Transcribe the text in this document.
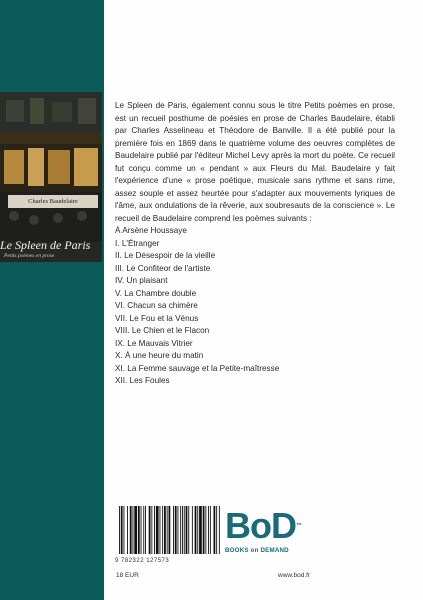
Charles Baudelaire
Le Spleen de Paris
Petits poèmes en prose

Le Spleen de Paris, également connu sous le titre Petits poèmes en prose, est un recueil posthume de poésies en prose de Charles Baudelaire, établi par Charles Asselineau et Théodore de Banville. Il a été publié pour la première fois en 1869 dans le quatrième volume des oeuvres complètes de Baudelaire publié par l'éditeur Michel Levy après la mort du poète. Ce recueil fut conçu comme un « pendant » aux Fleurs du Mal. Baudelaire y fait l'expérience d'une « prose poétique, musicale sans rythme et sans rime, assez souple et assez heurtée pour s'adapter aux mouvements lyriques de l'âme, aux ondulations de la rêverie, aux soubresauts de la conscience ». Le recueil de Baudelaire comprend les poèmes suivants :

À Arsène Houssaye
I. L'Étranger
II. Le Désespoir de la vieille
III. Le Confiteor de l'artiste
IV. Un plaisant
V. La Chambre double
VI. Chacun sa chimère
VII. Le Fou et la Vénus
VIII. Le Chien et le Flacon
IX. Le Mauvais Vitrier
X. À une heure du matin
XI. La Femme sauvage et la Petite-maîtresse
XII. Les Foules
9 782322 127573
18 EUR
BoD™
BOOKS on DEMAND
www.bod.fr
